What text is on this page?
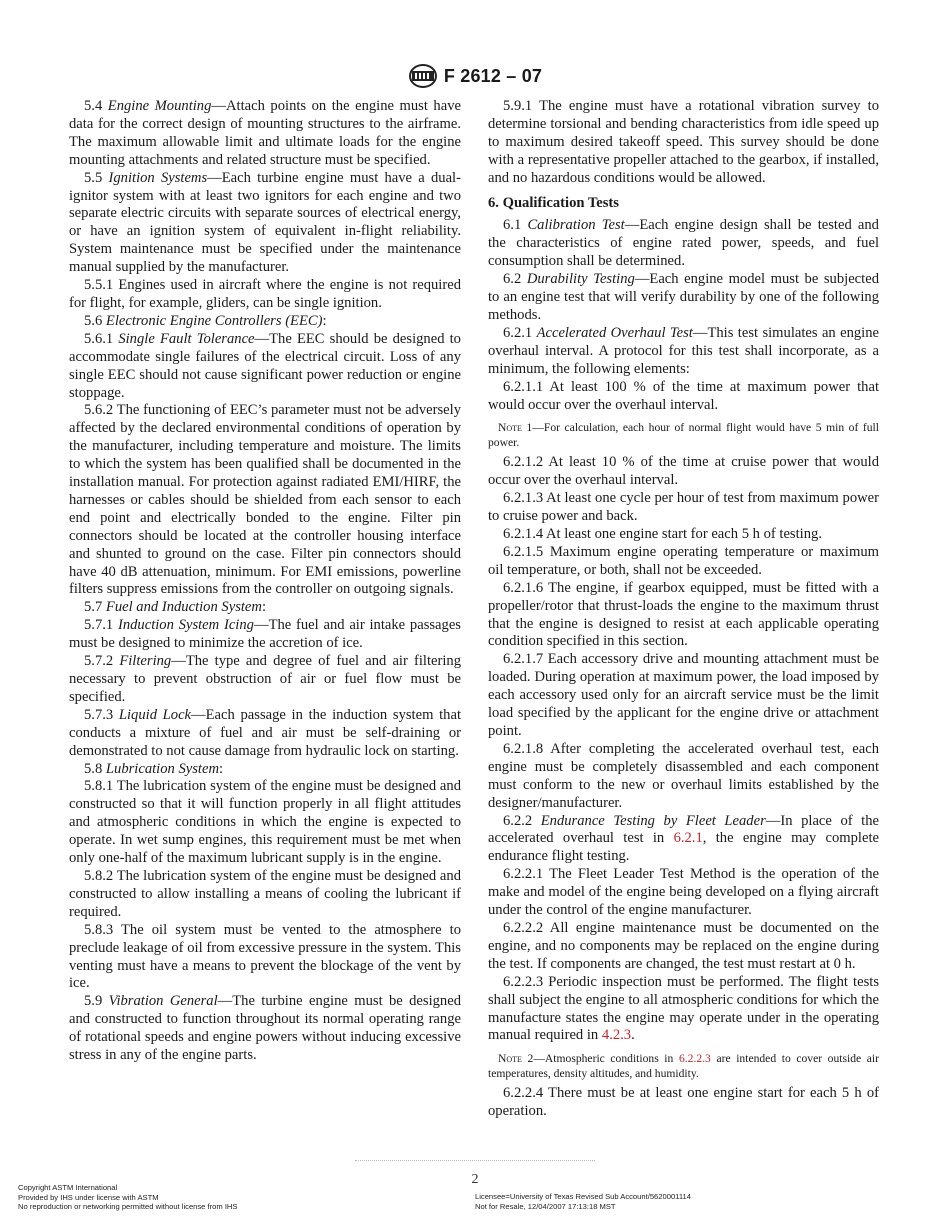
F 2612 – 07

5.4 Engine Mounting—Attach points on the engine must have data for the correct design of mounting structures to the airframe. The maximum allowable limit and ultimate loads for the engine mounting attachments and related structure must be specified.

5.5 Ignition Systems—Each turbine engine must have a dual-ignitor system with at least two ignitors for each engine and two separate electric circuits with separate sources of electrical energy, or have an ignition system of equivalent in-flight reliability. System maintenance must be specified under the maintenance manual supplied by the manufacturer.

5.5.1 Engines used in aircraft where the engine is not required for flight, for example, gliders, can be single ignition.

5.6 Electronic Engine Controllers (EEC):

5.6.1 Single Fault Tolerance—The EEC should be designed to accommodate single failures of the electrical circuit. Loss of any single EEC should not cause significant power reduction or engine stoppage.

5.6.2 The functioning of EEC’s parameter must not be adversely affected by the declared environmental conditions of operation by the manufacturer, including temperature and moisture. The limits to which the system has been qualified shall be documented in the installation manual. For protection against radiated EMI/HIRF, the harnesses or cables should be shielded from each sensor to each end point and electrically bonded to the engine. Filter pin connectors should be located at the controller housing interface and shunted to ground on the case. Filter pin connectors should have 40 dB attenuation, minimum. For EMI emissions, powerline filters suppress emissions from the controller on outgoing signals.

5.7 Fuel and Induction System:

5.7.1 Induction System Icing—The fuel and air intake passages must be designed to minimize the accretion of ice.

5.7.2 Filtering—The type and degree of fuel and air filtering necessary to prevent obstruction of air or fuel flow must be specified.

5.7.3 Liquid Lock—Each passage in the induction system that conducts a mixture of fuel and air must be self-draining or demonstrated to not cause damage from hydraulic lock on starting.

5.8 Lubrication System:

5.8.1 The lubrication system of the engine must be designed and constructed so that it will function properly in all flight attitudes and atmospheric conditions in which the engine is expected to operate. In wet sump engines, this requirement must be met when only one-half of the maximum lubricant supply is in the engine.

5.8.2 The lubrication system of the engine must be designed and constructed to allow installing a means of cooling the lubricant if required.

5.8.3 The oil system must be vented to the atmosphere to preclude leakage of oil from excessive pressure in the system. This venting must have a means to prevent the blockage of the vent by ice.

5.9 Vibration General—The turbine engine must be designed and constructed to function throughout its normal operating range of rotational speeds and engine powers without inducing excessive stress in any of the engine parts.

5.9.1 The engine must have a rotational vibration survey to determine torsional and bending characteristics from idle speed up to maximum desired takeoff speed. This survey should be done with a representative propeller attached to the gearbox, if installed, and no hazardous conditions would be allowed.

6. Qualification Tests

6.1 Calibration Test—Each engine design shall be tested and the characteristics of engine rated power, speeds, and fuel consumption shall be determined.

6.2 Durability Testing—Each engine model must be subjected to an engine test that will verify durability by one of the following methods.

6.2.1 Accelerated Overhaul Test—This test simulates an engine overhaul interval. A protocol for this test shall incorporate, as a minimum, the following elements:

6.2.1.1 At least 100 % of the time at maximum power that would occur over the overhaul interval.

Note 1—For calculation, each hour of normal flight would have 5 min of full power.

6.2.1.2 At least 10 % of the time at cruise power that would occur over the overhaul interval.

6.2.1.3 At least one cycle per hour of test from maximum power to cruise power and back.

6.2.1.4 At least one engine start for each 5 h of testing.

6.2.1.5 Maximum engine operating temperature or maximum oil temperature, or both, shall not be exceeded.

6.2.1.6 The engine, if gearbox equipped, must be fitted with a propeller/rotor that thrust-loads the engine to the maximum thrust that the engine is designed to resist at each applicable operating condition specified in this section.

6.2.1.7 Each accessory drive and mounting attachment must be loaded. During operation at maximum power, the load imposed by each accessory used only for an aircraft service must be the limit load specified by the applicant for the engine drive or attachment point.

6.2.1.8 After completing the accelerated overhaul test, each engine must be completely disassembled and each component must conform to the new or overhaul limits established by the designer/manufacturer.

6.2.2 Endurance Testing by Fleet Leader—In place of the accelerated overhaul test in 6.2.1, the engine may complete endurance flight testing.

6.2.2.1 The Fleet Leader Test Method is the operation of the make and model of the engine being developed on a flying aircraft under the control of the engine manufacturer.

6.2.2.2 All engine maintenance must be documented on the engine, and no components may be replaced on the engine during the test. If components are changed, the test must restart at 0 h.

6.2.2.3 Periodic inspection must be performed. The flight tests shall subject the engine to all atmospheric conditions for which the manufacture states the engine may operate under in the operating manual required in 4.2.3.

Note 2—Atmospheric conditions in 6.2.2.3 are intended to cover outside air temperatures, density altitudes, and humidity.

6.2.2.4 There must be at least one engine start for each 5 h of operation.

2
Copyright ASTM International
Provided by IHS under license with ASTM
No reproduction or networking permitted without license from IHS
Licensee=University of Texas Revised Sub Account/5620001114
Not for Resale, 12/04/2007 17:13:18 MST
